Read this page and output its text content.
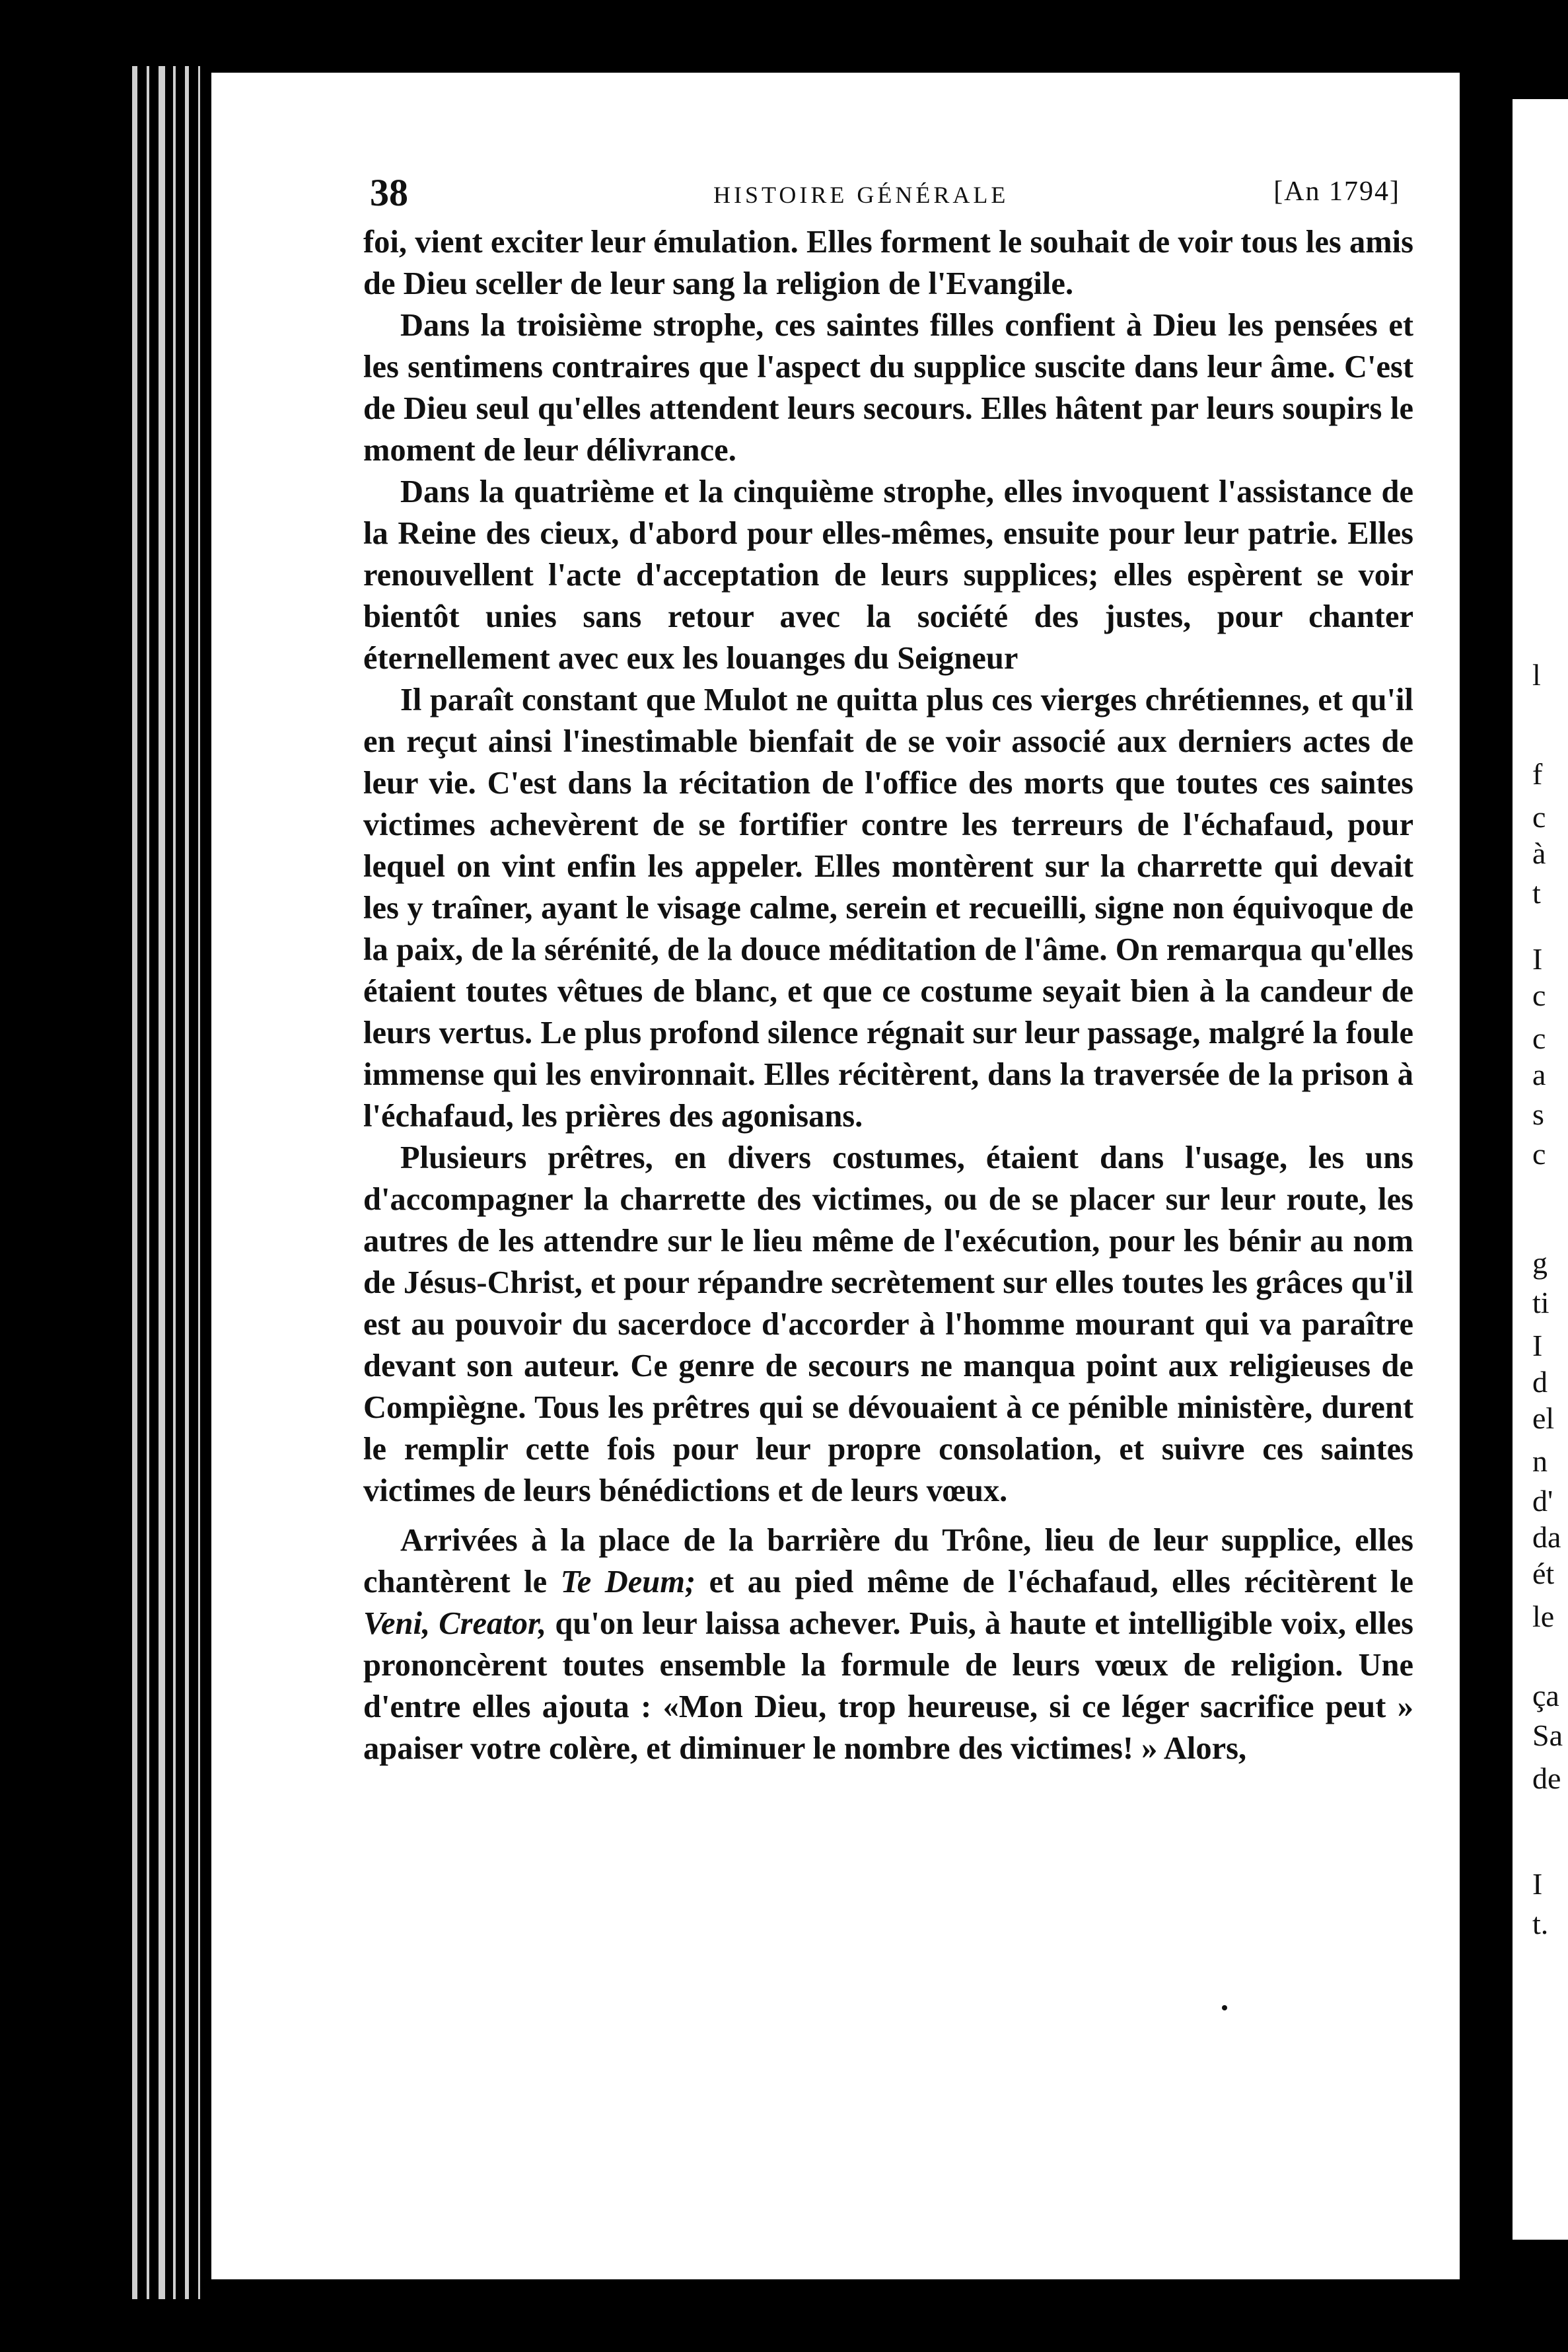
38	HISTOIRE GÉNÉRALE	[An 1794]

foi, vient exciter leur émulation. Elles forment le souhait de voir tous les amis de Dieu sceller de leur sang la religion de l'Evangile.

Dans la troisième strophe, ces saintes filles confient à Dieu les pensées et les sentimens contraires que l'aspect du supplice suscite dans leur âme. C'est de Dieu seul qu'elles attendent leurs secours. Elles hâtent par leurs soupirs le moment de leur délivrance.

Dans la quatrième et la cinquième strophe, elles invoquent l'assistance de la Reine des cieux, d'abord pour elles-mêmes, ensuite pour leur patrie. Elles renouvellent l'acte d'acceptation de leurs supplices; elles espèrent se voir bientôt unies sans retour avec la société des justes, pour chanter éternellement avec eux les louanges du Seigneur

Il paraît constant que Mulot ne quitta plus ces vierges chrétiennes, et qu'il en reçut ainsi l'inestimable bienfait de se voir associé aux derniers actes de leur vie. C'est dans la récitation de l'office des morts que toutes ces saintes victimes achevèrent de se fortifier contre les terreurs de l'échafaud, pour lequel on vint enfin les appeler. Elles montèrent sur la charrette qui devait les y traîner, ayant le visage calme, serein et recueilli, signe non équivoque de la paix, de la sérénité, de la douce méditation de l'âme. On remarqua qu'elles étaient toutes vêtues de blanc, et que ce costume seyait bien à la candeur de leurs vertus. Le plus profond silence régnait sur leur passage, malgré la foule immense qui les environnait. Elles récitèrent, dans la traversée de la prison à l'échafaud, les prières des agonisans.

Plusieurs prêtres, en divers costumes, étaient dans l'usage, les uns d'accompagner la charrette des victimes, ou de se placer sur leur route, les autres de les attendre sur le lieu même de l'exécution, pour les bénir au nom de Jésus-Christ, et pour répandre secrètement sur elles toutes les grâces qu'il est au pouvoir du sacerdoce d'accorder à l'homme mourant qui va paraître devant son auteur. Ce genre de secours ne manqua point aux religieuses de Compiègne. Tous les prêtres qui se dévouaient à ce pénible ministère, durent le remplir cette fois pour leur propre consolation, et suivre ces saintes victimes de leurs bénédictions et de leurs vœux.

Arrivées à la place de la barrière du Trône, lieu de leur supplice, elles chantèrent le Te Deum; et au pied même de l'échafaud, elles récitèrent le Veni, Creator, qu'on leur laissa achever. Puis, à haute et intelligible voix, elles prononcèrent toutes ensemble la formule de leurs vœux de religion. Une d'entre elles ajouta : «Mon Dieu, trop heureuse, si ce léger sacrifice peut » apaiser votre colère, et diminuer le nombre des victimes! » Alors,

l
f
c
à
t
I
c
c
a
s
c
g
ti
I
d
el
n
d'
da
ét
le
ça
Sa
de
I
t.
